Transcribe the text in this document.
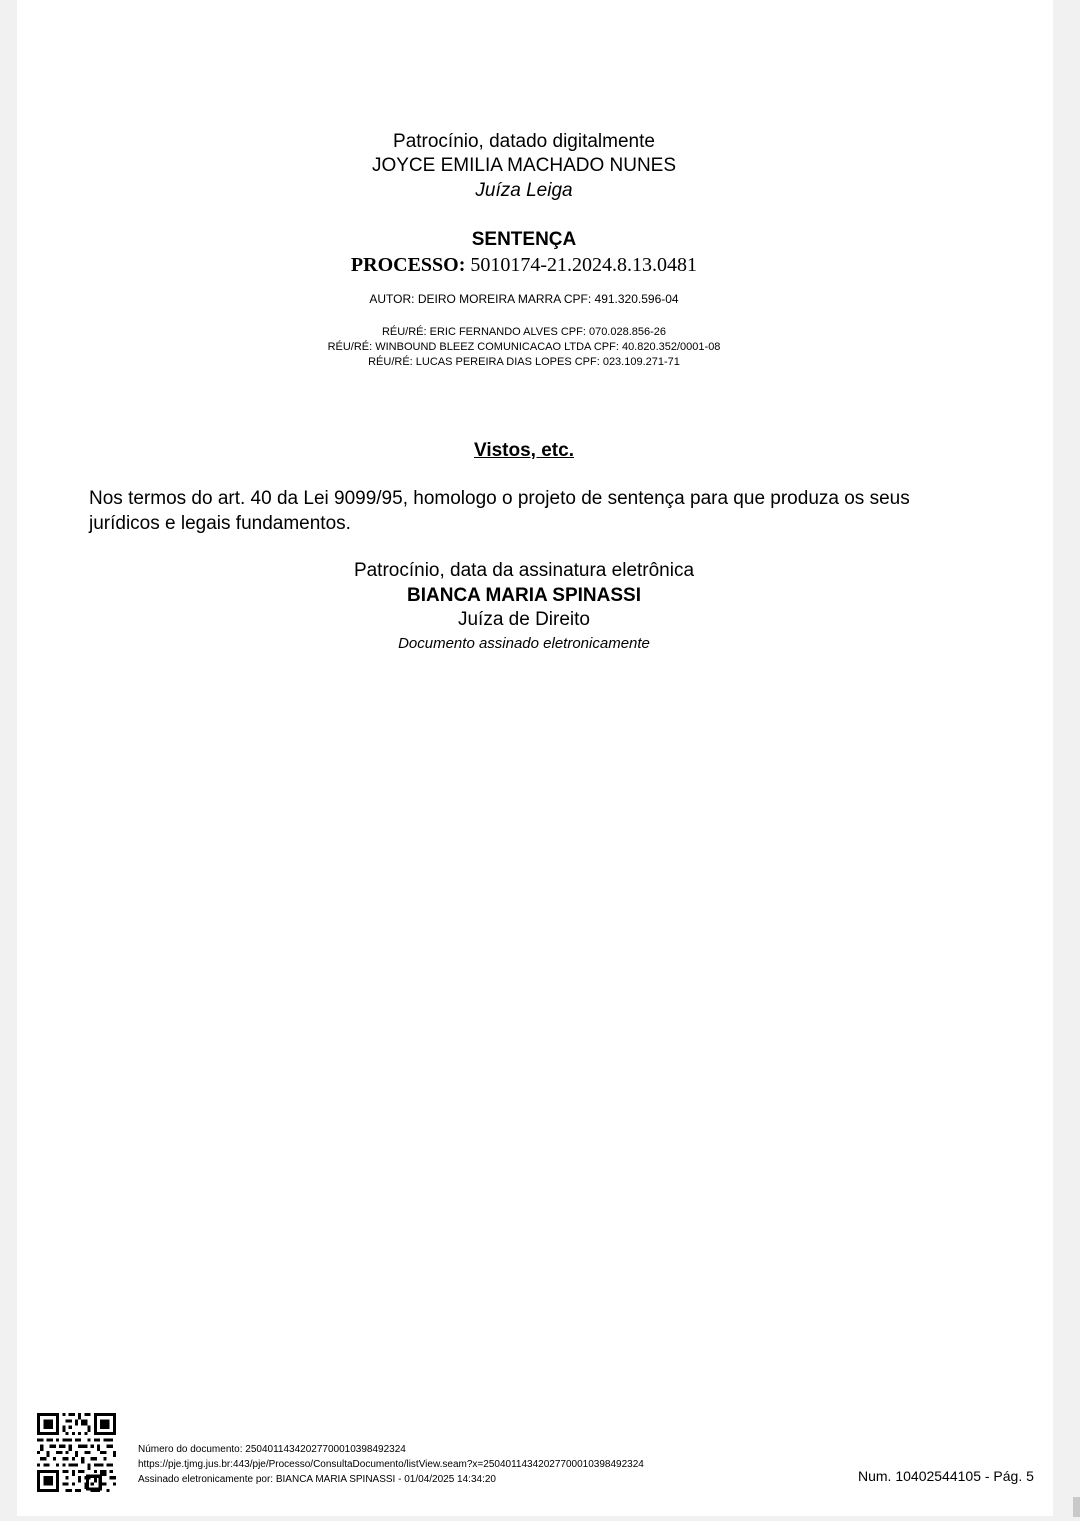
Patrocínio, datado digitalmente
JOYCE EMILIA MACHADO NUNES
Juíza Leiga
SENTENÇA
PROCESSO: 5010174-21.2024.8.13.0481
AUTOR: DEIRO MOREIRA MARRA CPF: 491.320.596-04
RÉU/RÉ: ERIC FERNANDO ALVES CPF: 070.028.856-26
RÉU/RÉ: WINBOUND BLEEZ COMUNICACAO LTDA CPF: 40.820.352/0001-08
RÉU/RÉ: LUCAS PEREIRA DIAS LOPES CPF: 023.109.271-71
Vistos, etc.
Nos termos do art. 40 da Lei 9099/95, homologo o projeto de sentença para que produza os seus jurídicos e legais fundamentos.
Patrocínio, data da assinatura eletrônica
BIANCA MARIA SPINASSI
Juíza de Direito
Documento assinado eletronicamente
Número do documento: 25040114342027700010398492324
https://pje.tjmg.jus.br:443/pje/Processo/ConsultaDocumento/listView.seam?x=25040114342027700010398492324
Assinado eletronicamente por: BIANCA MARIA SPINASSI - 01/04/2025 14:34:20	Num. 10402544105 - Pág. 5
